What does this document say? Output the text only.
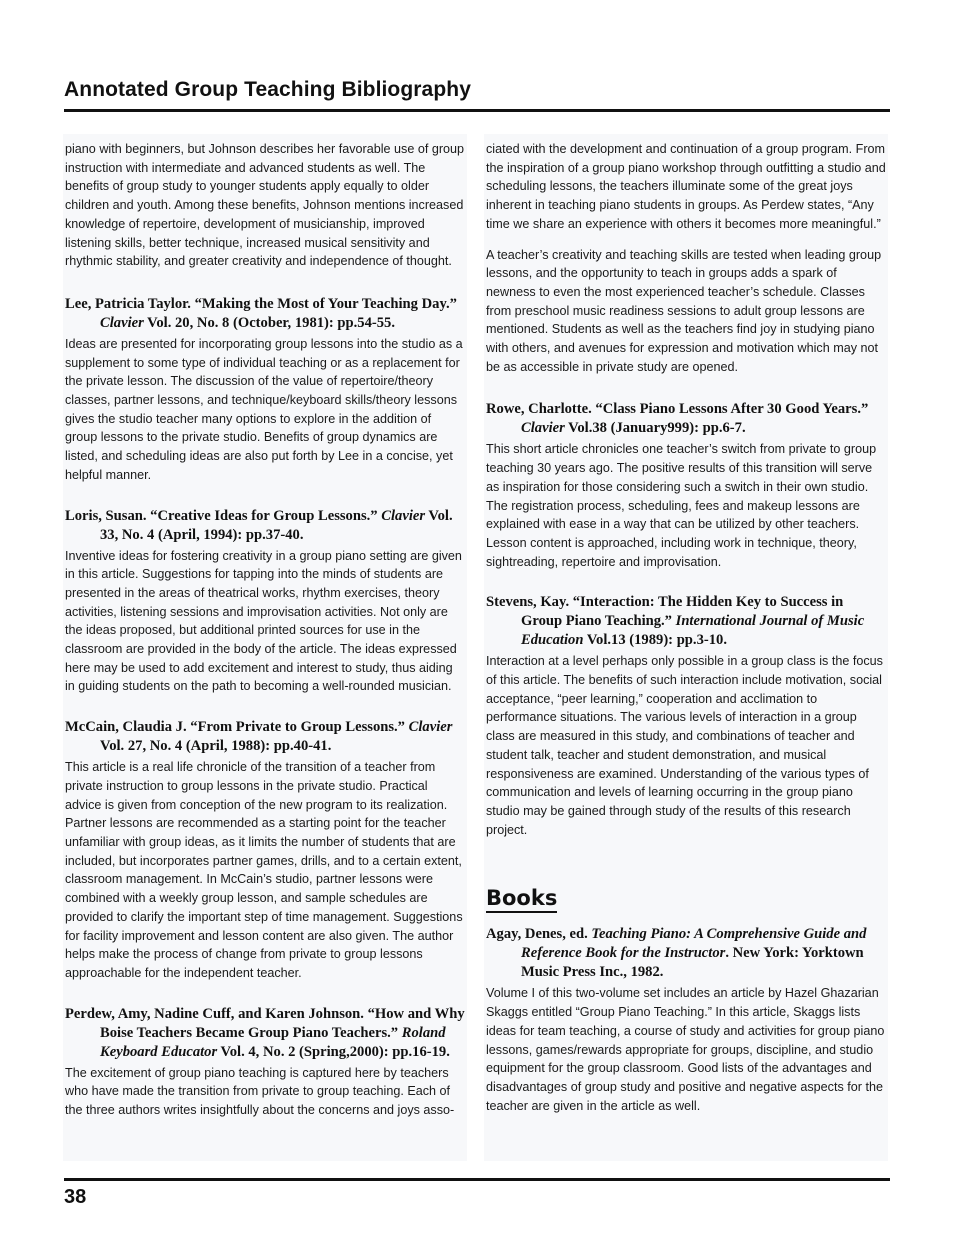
Annotated Group Teaching Bibliography

piano with beginners, but Johnson describes her favorable use of group instruction with intermediate and advanced students as well. The benefits of group study to younger students apply equally to older children and youth. Among these benefits, Johnson mentions increased knowledge of repertoire, development of musicianship, improved listening skills, better technique, increased musical sensitivity and rhythmic stability, and greater creativity and independence of thought.

Lee, Patricia Taylor. “Making the Most of Your Teaching Day.” Clavier Vol. 20, No. 8 (October, 1981): pp.54-55.

Ideas are presented for incorporating group lessons into the studio as a supplement to some type of individual teaching or as a replacement for the private lesson. The discussion of the value of repertoire/theory classes, partner lessons, and technique/keyboard skills/theory lessons gives the studio teacher many options to explore in the addition of group lessons to the private studio. Benefits of group dynamics are listed, and scheduling ideas are also put forth by Lee in a concise, yet helpful manner.

Loris, Susan. “Creative Ideas for Group Lessons.” Clavier Vol. 33, No. 4 (April, 1994): pp.37-40.

Inventive ideas for fostering creativity in a group piano setting are given in this article. Suggestions for tapping into the minds of students are presented in the areas of theatrical works, rhythm exercises, theory activities, listening sessions and improvisation activities. Not only are the ideas proposed, but additional printed sources for use in the classroom are provided in the body of the article. The ideas expressed here may be used to add excitement and interest to study, thus aiding in guiding students on the path to becoming a well-rounded musician.

McCain, Claudia J. “From Private to Group Lessons.” Clavier Vol. 27, No. 4 (April, 1988): pp.40-41.

This article is a real life chronicle of the transition of a teacher from private instruction to group lessons in the private studio. Practical advice is given from conception of the new program to its realization. Partner lessons are recommended as a starting point for the teacher unfamiliar with group ideas, as it limits the number of students that are included, but incorporates partner games, drills, and to a certain extent, classroom management. In McCain’s studio, partner lessons were combined with a weekly group lesson, and sample schedules are provided to clarify the important step of time management. Suggestions for facility improvement and lesson content are also given. The author helps make the process of change from private to group lessons approachable for the independent teacher.

Perdew, Amy, Nadine Cuff, and Karen Johnson. “How and Why Boise Teachers Became Group Piano Teachers.” Roland Keyboard Educator Vol. 4, No. 2 (Spring,2000): pp.16-19.

The excitement of group piano teaching is captured here by teachers who have made the transition from private to group teaching. Each of the three authors writes insightfully about the concerns and joys asso-

ciated with the development and continuation of a group program. From the inspiration of a group piano workshop through outfitting a studio and scheduling lessons, the teachers illuminate some of the great joys inherent in teaching piano students in groups. As Perdew states, “Any time we share an experience with others it becomes more meaningful.”

A teacher’s creativity and teaching skills are tested when leading group lessons, and the opportunity to teach in groups adds a spark of newness to even the most experienced teacher’s schedule. Classes from preschool music readiness sessions to adult group lessons are mentioned. Students as well as the teachers find joy in studying piano with others, and avenues for expression and motivation which may not be as accessible in private study are opened.

Rowe, Charlotte. “Class Piano Lessons After 30 Good Years.” Clavier Vol.38 (January999): pp.6-7.

This short article chronicles one teacher’s switch from private to group teaching 30 years ago. The positive results of this transition will serve as inspiration for those considering such a switch in their own studio. The registration process, scheduling, fees and makeup lessons are explained with ease in a way that can be utilized by other teachers. Lesson content is approached, including work in technique, theory, sightreading, repertoire and improvisation.

Stevens, Kay. “Interaction: The Hidden Key to Success in Group Piano Teaching.” International Journal of Music Education Vol.13 (1989): pp.3-10.

Interaction at a level perhaps only possible in a group class is the focus of this article. The benefits of such interaction include motivation, social acceptance, “peer learning,” cooperation and acclimation to performance situations. The various levels of interaction in a group class are measured in this study, and combinations of teacher and student talk, teacher and student demonstration, and musical responsiveness are examined. Understanding of the various types of communication and levels of learning occurring in the group piano studio may be gained through study of the results of this research project.

Books

Agay, Denes, ed. Teaching Piano: A Comprehensive Guide and Reference Book for the Instructor. New York: Yorktown Music Press Inc., 1982.

Volume I of this two-volume set includes an article by Hazel Ghazarian Skaggs entitled “Group Piano Teaching.” In this article, Skaggs lists ideas for team teaching, a course of study and activities for group piano lessons, games/rewards appropriate for groups, discipline, and studio equipment for the group classroom. Good lists of the advantages and disadvantages of group study and positive and negative aspects for the teacher are given in the article as well.

38
